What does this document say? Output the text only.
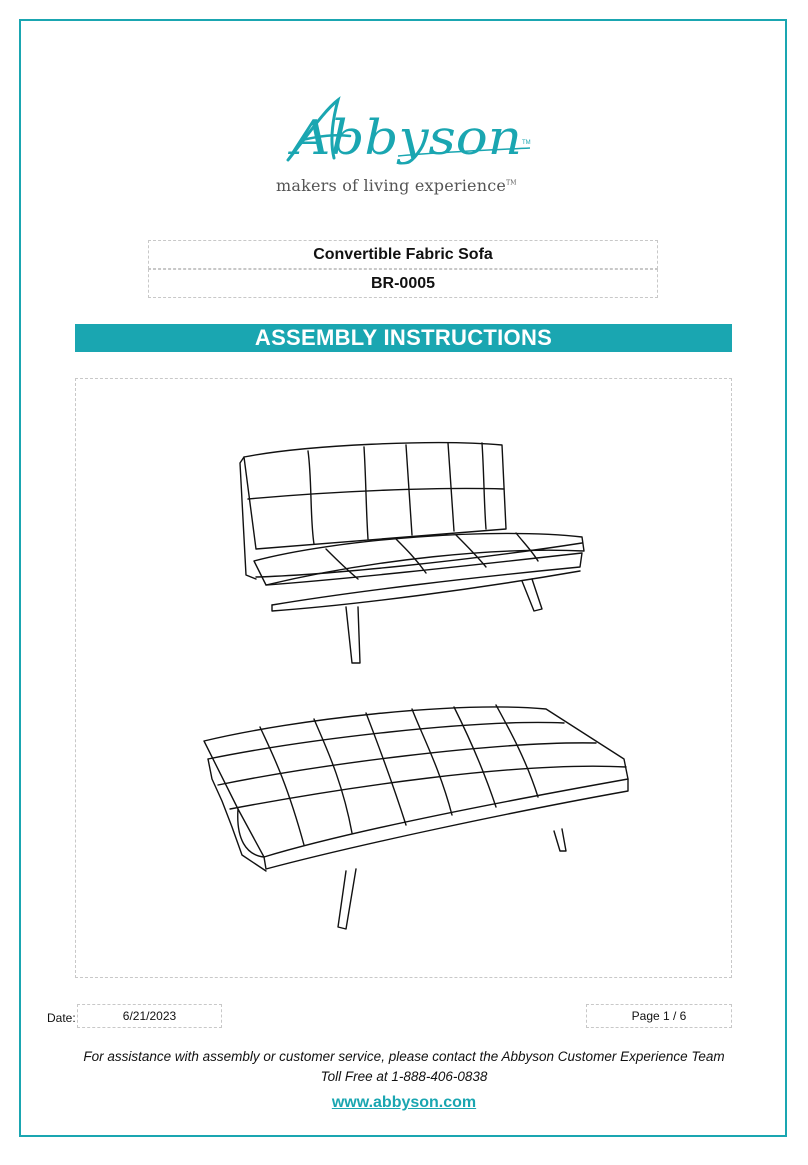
Abbyson TM
makers of living experience™
Convertible Fabric Sofa
BR-0005
ASSEMBLY INSTRUCTIONS
Date:	6/21/2023	Page 1 / 6
For assistance with assembly or customer service, please contact the Abbyson Customer Experience Team
Toll Free at 1-888-406-0838
www.abbyson.com
